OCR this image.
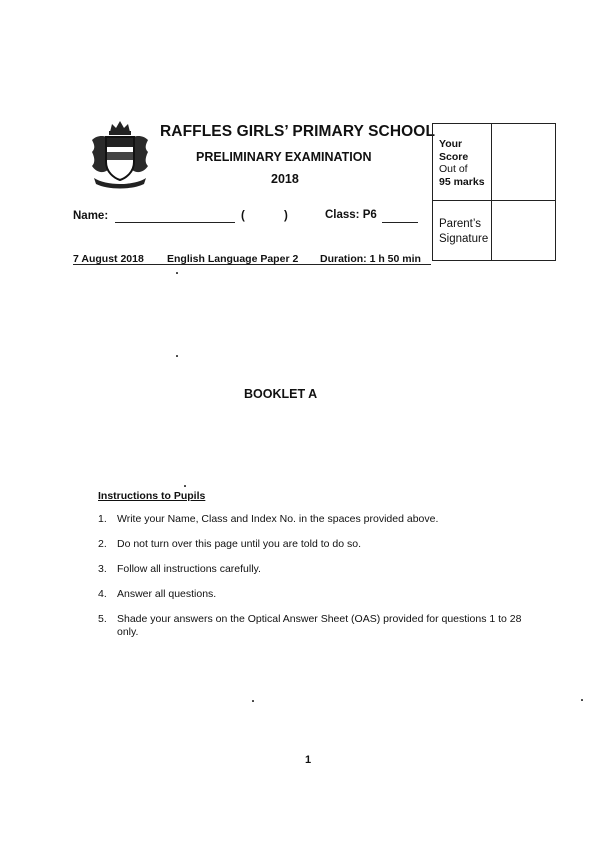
RAFFLES GIRLS’ PRIMARY SCHOOL
PRELIMINARY EXAMINATION
2018
Your
Score
Out of
95 marks
Parent’s
Signature
Name:	(	)	Class: P6
7 August 2018 English Language Paper 2 Duration: 1 h 50 min
BOOKLET A
Instructions to Pupils
1. Write your Name, Class and Index No. in the spaces provided above.
2. Do not turn over this page until you are told to do so.
3. Follow all instructions carefully.
4. Answer all questions.
5. Shade your answers on the Optical Answer Sheet (OAS) provided for questions 1 to 28 only.
1
